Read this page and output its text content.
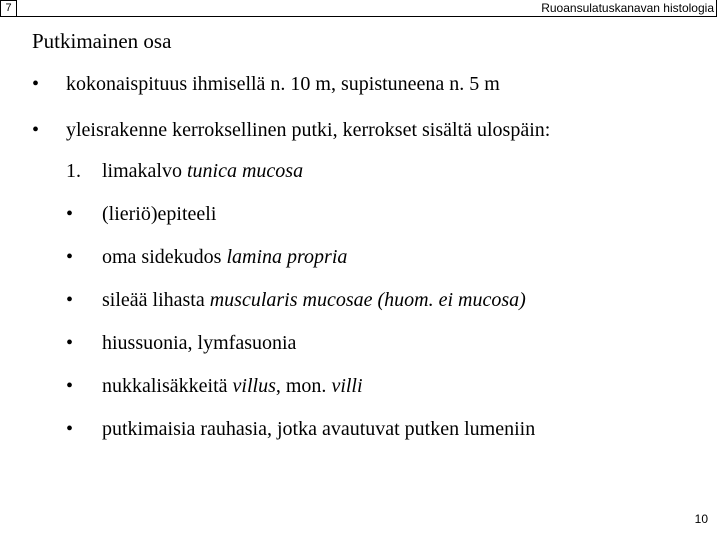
7	Ruoansulatuskanavan histologia
Putkimainen osa
• kokonaispituus ihmisellä n. 10 m, supistuneena n. 5 m
• yleisrakenne kerroksellinen putki, kerrokset sisältä ulospäin:
1. limakalvo tunica mucosa
• (lieriö)epiteeli
• oma sidekudos lamina propria
• sileää lihasta muscularis mucosae (huom. ei mucosa)
• hiussuonia, lymfasuonia
• nukkalisäkkeitä villus, mon. villi
• putkimaisia rauhasia, jotka avautuvat putken lumeniin
10
